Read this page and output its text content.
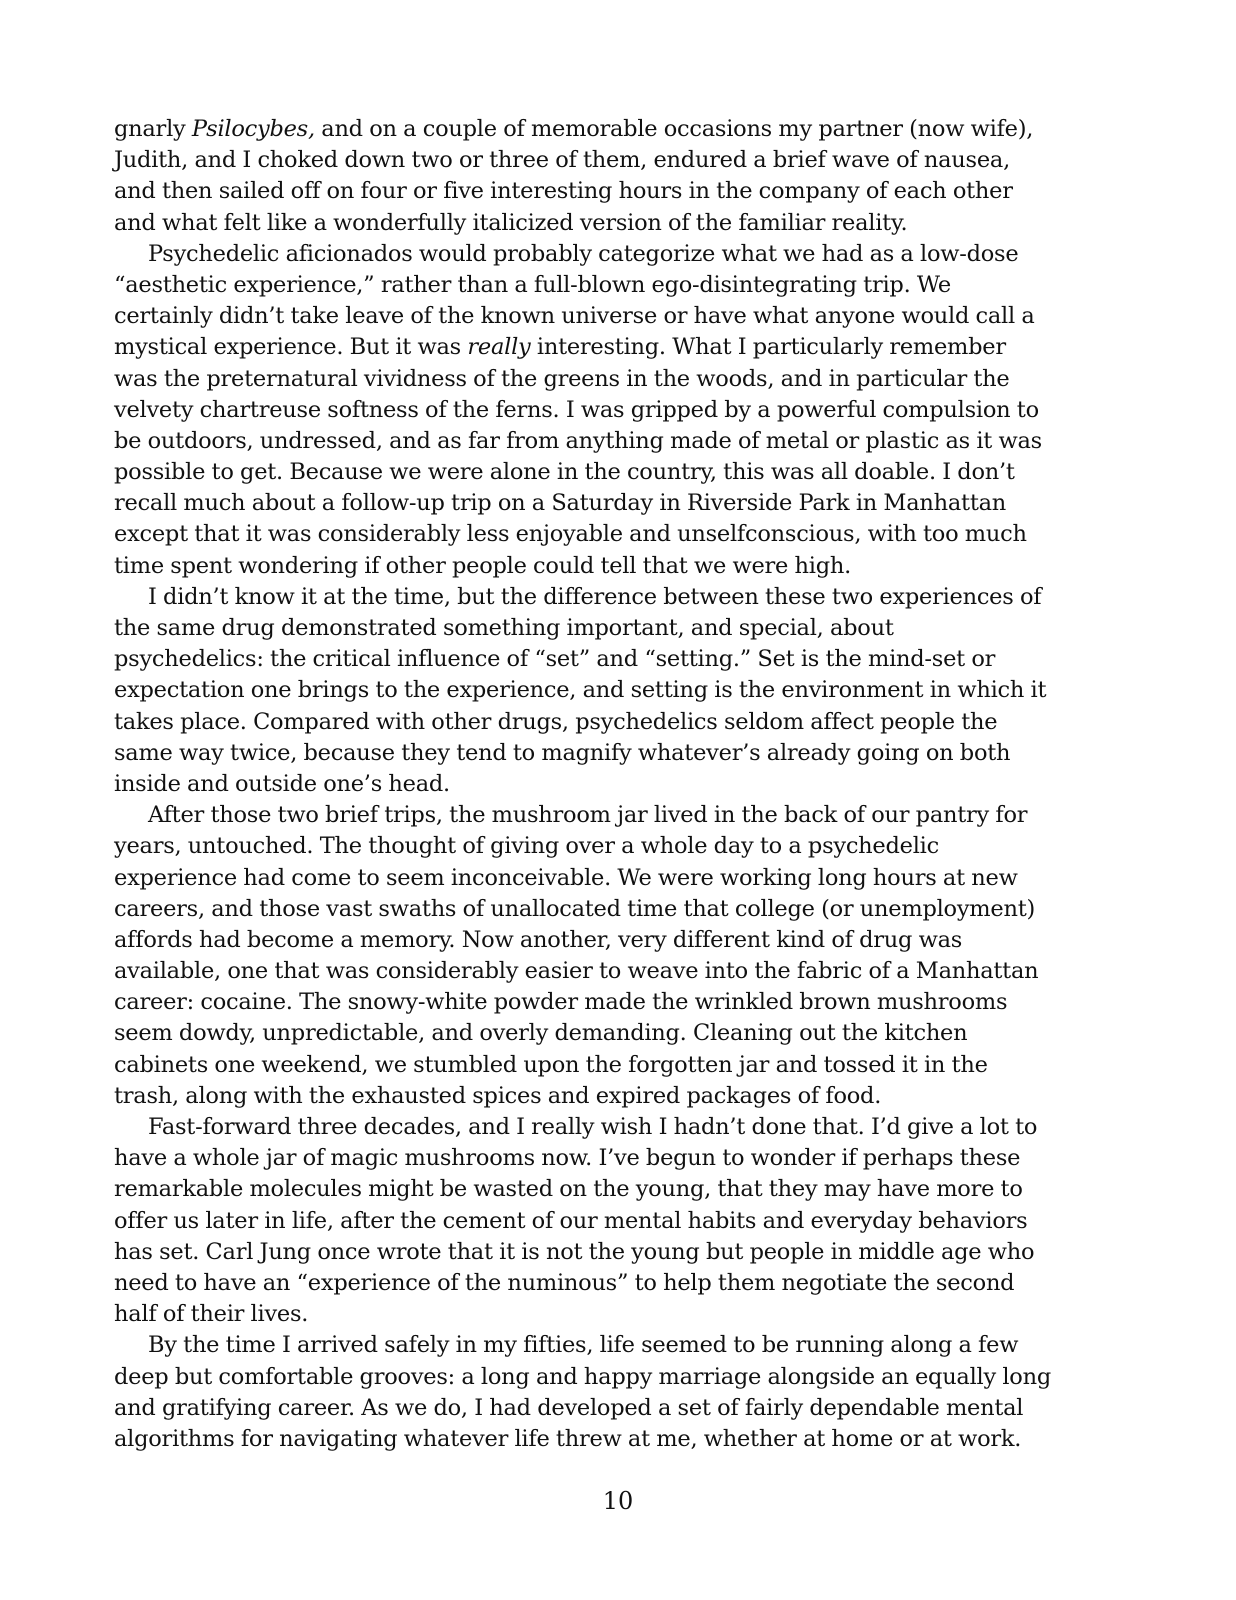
gnarly Psilocybes, and on a couple of memorable occasions my partner (now wife),
Judith, and I choked down two or three of them, endured a brief wave of nausea,
and then sailed off on four or five interesting hours in the company of each other
and what felt like a wonderfully italicized version of the familiar reality.
Psychedelic aficionados would probably categorize what we had as a low-dose
“aesthetic experience,” rather than a full-blown ego-disintegrating trip. We
certainly didn’t take leave of the known universe or have what anyone would call a
mystical experience. But it was really interesting. What I particularly remember
was the preternatural vividness of the greens in the woods, and in particular the
velvety chartreuse softness of the ferns. I was gripped by a powerful compulsion to
be outdoors, undressed, and as far from anything made of metal or plastic as it was
possible to get. Because we were alone in the country, this was all doable. I don’t
recall much about a follow-up trip on a Saturday in Riverside Park in Manhattan
except that it was considerably less enjoyable and unselfconscious, with too much
time spent wondering if other people could tell that we were high.
I didn’t know it at the time, but the difference between these two experiences of
the same drug demonstrated something important, and special, about
psychedelics: the critical influence of “set” and “setting.” Set is the mind-set or
expectation one brings to the experience, and setting is the environment in which it
takes place. Compared with other drugs, psychedelics seldom affect people the
same way twice, because they tend to magnify whatever’s already going on both
inside and outside one’s head.
After those two brief trips, the mushroom jar lived in the back of our pantry for
years, untouched. The thought of giving over a whole day to a psychedelic
experience had come to seem inconceivable. We were working long hours at new
careers, and those vast swaths of unallocated time that college (or unemployment)
affords had become a memory. Now another, very different kind of drug was
available, one that was considerably easier to weave into the fabric of a Manhattan
career: cocaine. The snowy-white powder made the wrinkled brown mushrooms
seem dowdy, unpredictable, and overly demanding. Cleaning out the kitchen
cabinets one weekend, we stumbled upon the forgotten jar and tossed it in the
trash, along with the exhausted spices and expired packages of food.
Fast-forward three decades, and I really wish I hadn’t done that. I’d give a lot to
have a whole jar of magic mushrooms now. I’ve begun to wonder if perhaps these
remarkable molecules might be wasted on the young, that they may have more to
offer us later in life, after the cement of our mental habits and everyday behaviors
has set. Carl Jung once wrote that it is not the young but people in middle age who
need to have an “experience of the numinous” to help them negotiate the second
half of their lives.
By the time I arrived safely in my fifties, life seemed to be running along a few
deep but comfortable grooves: a long and happy marriage alongside an equally long
and gratifying career. As we do, I had developed a set of fairly dependable mental
algorithms for navigating whatever life threw at me, whether at home or at work.
10
